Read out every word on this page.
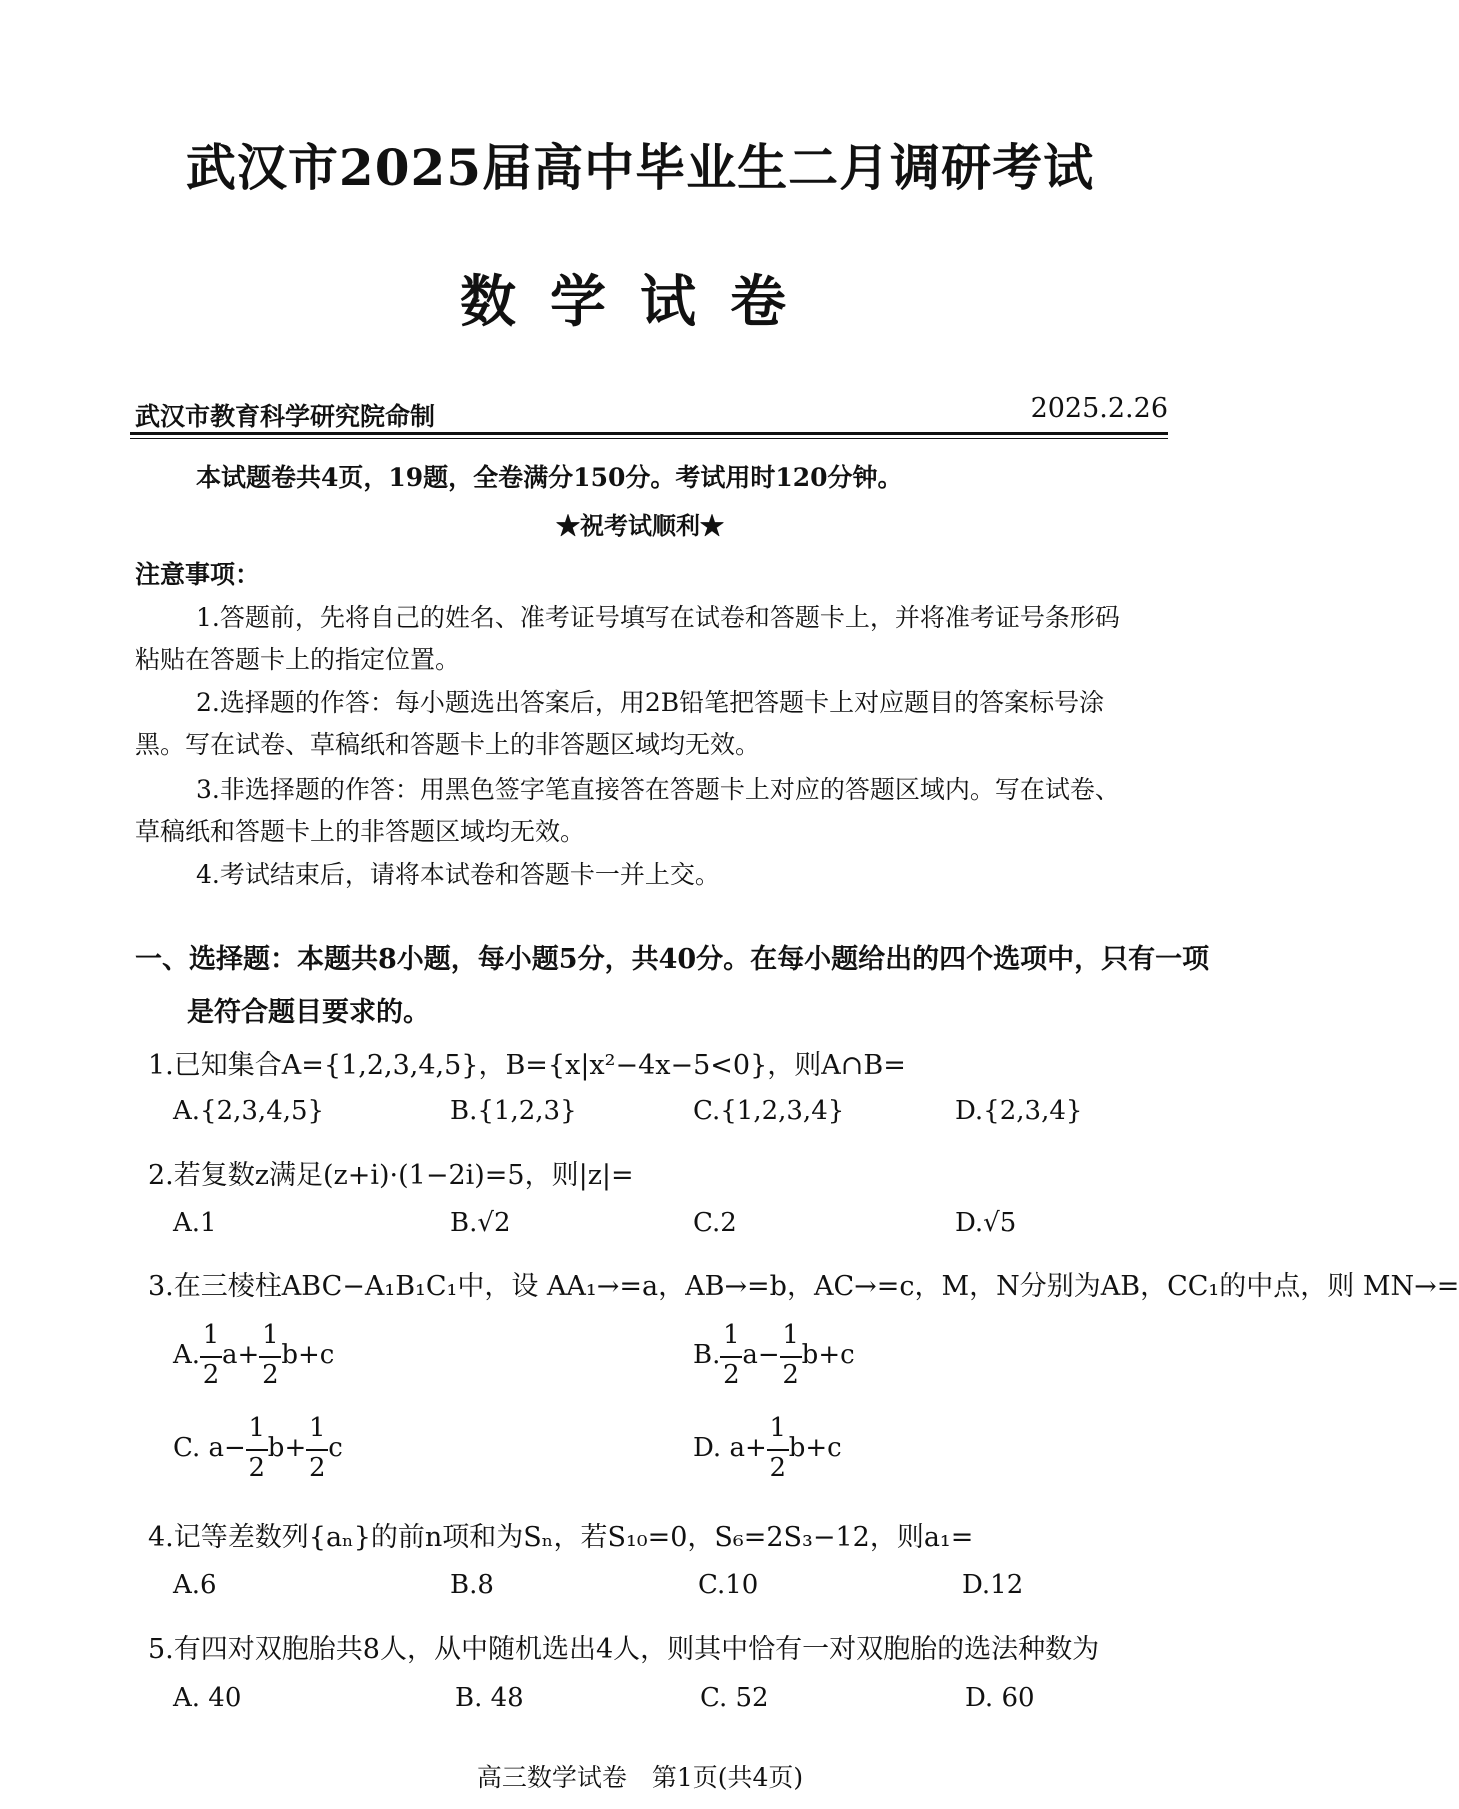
武汉市2025届高中毕业生二月调研考试
数学试卷
武汉市教育科学研究院命制	2025.2.26
本试题卷共4页，19题，全卷满分150分。考试用时120分钟。
★祝考试顺利★
注意事项：
1.答题前，先将自己的姓名、准考证号填写在试卷和答题卡上，并将准考证号条形码
粘贴在答题卡上的指定位置。
2.选择题的作答：每小题选出答案后，用2B铅笔把答题卡上对应题目的答案标号涂
黑。写在试卷、草稿纸和答题卡上的非答题区域均无效。
3.非选择题的作答：用黑色签字笔直接答在答题卡上对应的答题区域内。写在试卷、
草稿纸和答题卡上的非答题区域均无效。
4.考试结束后，请将本试卷和答题卡一并上交。
一、选择题：本题共8小题，每小题5分，共40分。在每小题给出的四个选项中，只有一项
是符合题目要求的。
1.已知集合A={1,2,3,4,5}，B={x|x²−4x−5<0}，则A∩B=
A.{2,3,4,5}	B.{1,2,3}	C.{1,2,3,4}	D.{2,3,4}
2.若复数z满足(z+i)·(1−2i)=5，则|z|=
A.1	B.√2	C.2	D.√5
3.在三棱柱ABC−A₁B₁C₁中，设 AA₁→=a，AB→=b，AC→=c，M，N分别为AB，CC₁的中点，则 MN→=
A. $\frac{1}{2} a+ \frac{1}{2} b+c$	B. $\frac{1}{2} a- \frac{1}{2} b+c$
C. $a- \frac{1}{2} b+ \frac{1}{2}$ c	D. $a+ \frac{1}{2} b+c$
4.记等差数列{aₙ}的前n项和为Sₙ，若S₁₀=0，S₆=2S₃−12，则a₁=
A.6	B.8	C.10	D.12
5.有四对双胞胎共8人，从中随机选出4人，则其中恰有一对双胞胎的选法种数为
A. 40	B. 48	C. 52	D. 60
高三数学试卷　第1页(共4页)
